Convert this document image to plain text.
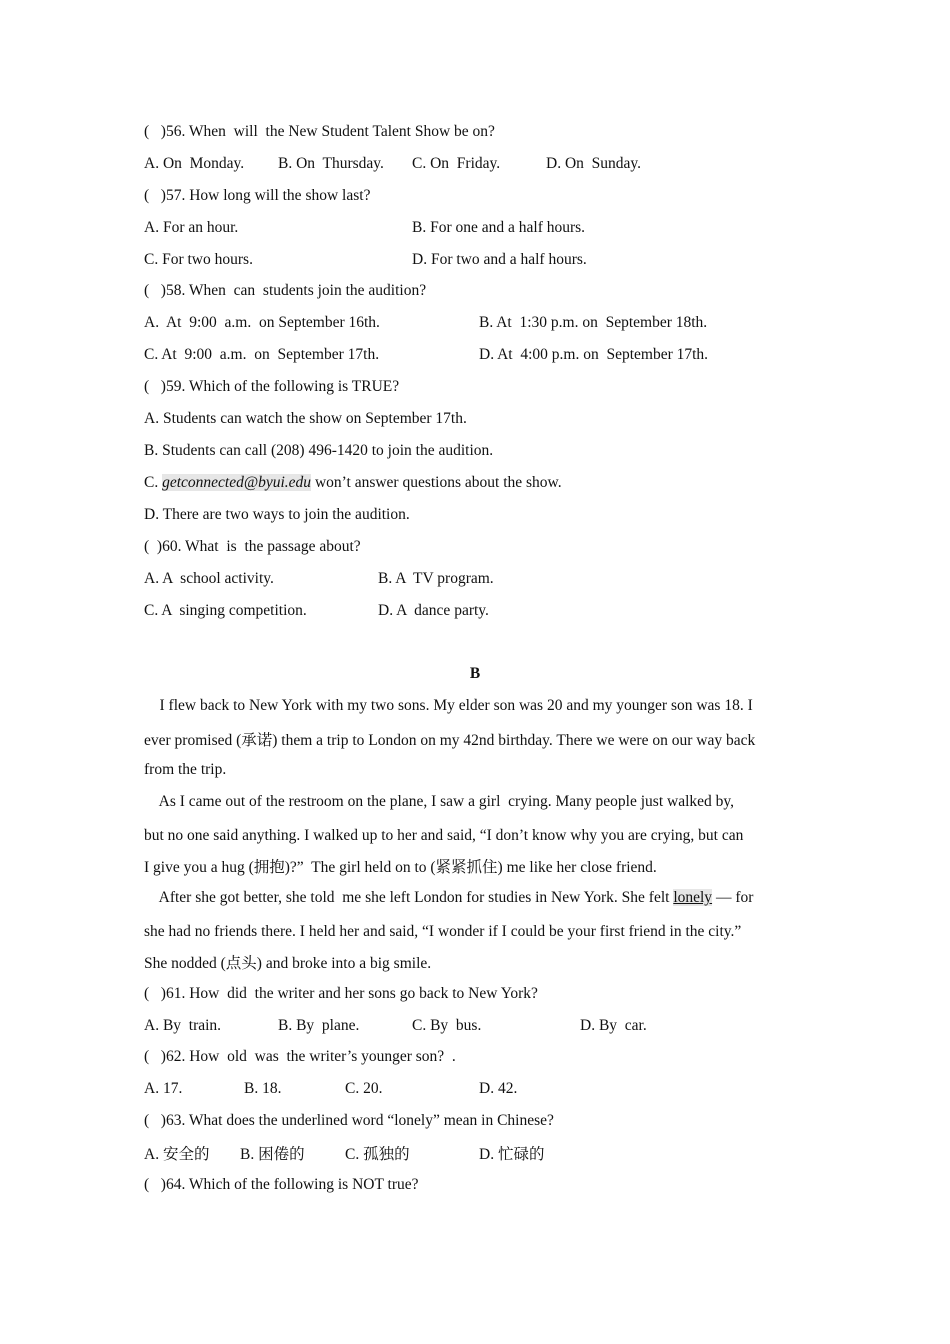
(   )56. When  will  the New Student Talent Show be on?
A. On  Monday. B. On  Thursday. C. On  Friday.	D. On  Sunday.
(   )57. How long will the show last?
A. For an hour.	B. For one and a half hours.
C. For two hours.	D. For two and a half hours.
(   )58. When  can  students join the audition?
A.  At  9:00  a.m.  on September 16th.	B. At  1:30 p.m. on  September 18th.
C. At  9:00  a.m.  on  September 17th.	D. At  4:00 p.m. on  September 17th.
(   )59. Which of the following is TRUE?
A. Students can watch the show on September 17th.
B. Students can call (208) 496-1420 to join the audition.
C. getconnected@byui.edu won’t answer questions about the show.
D. There are two ways to join the audition.
(  )60. What  is  the passage about?
A. A  school activity.	B. A  TV program.
C. A  singing competition.	D. A  dance party.
B
I flew back to New York with my two sons. My elder son was 20 and my younger son was 18. I
ever promised (承诺) them a trip to London on my 42nd birthday. There we were on our way back
from the trip.
As I came out of the restroom on the plane, I saw a girl  crying. Many people just walked by,
but no one said anything. I walked up to her and said, “I don’t know why you are crying, but can
I give you a hug (拥抱)?”  The girl held on to (紧紧抓住) me like her close friend.
After she got better, she told  me she left London for studies in New York. She felt lonely — for
she had no friends there. I held her and said, “I wonder if I could be your first friend in the city.”
She nodded (点头) and broke into a big smile.
(   )61. How  did  the writer and her sons go back to New York?
A. By  train.	B. By  plane.	C. By  bus.	D. By  car.
(   )62. How  old  was  the writer’s younger son?  .
A. 17.	B. 18.	C. 20.	D. 42.
(   )63. What does the underlined word “lonely” mean in Chinese?
A. 安全的 B. 困倦的	C. 孤独的	D. 忙碌的
(   )64. Which of the following is NOT true?
